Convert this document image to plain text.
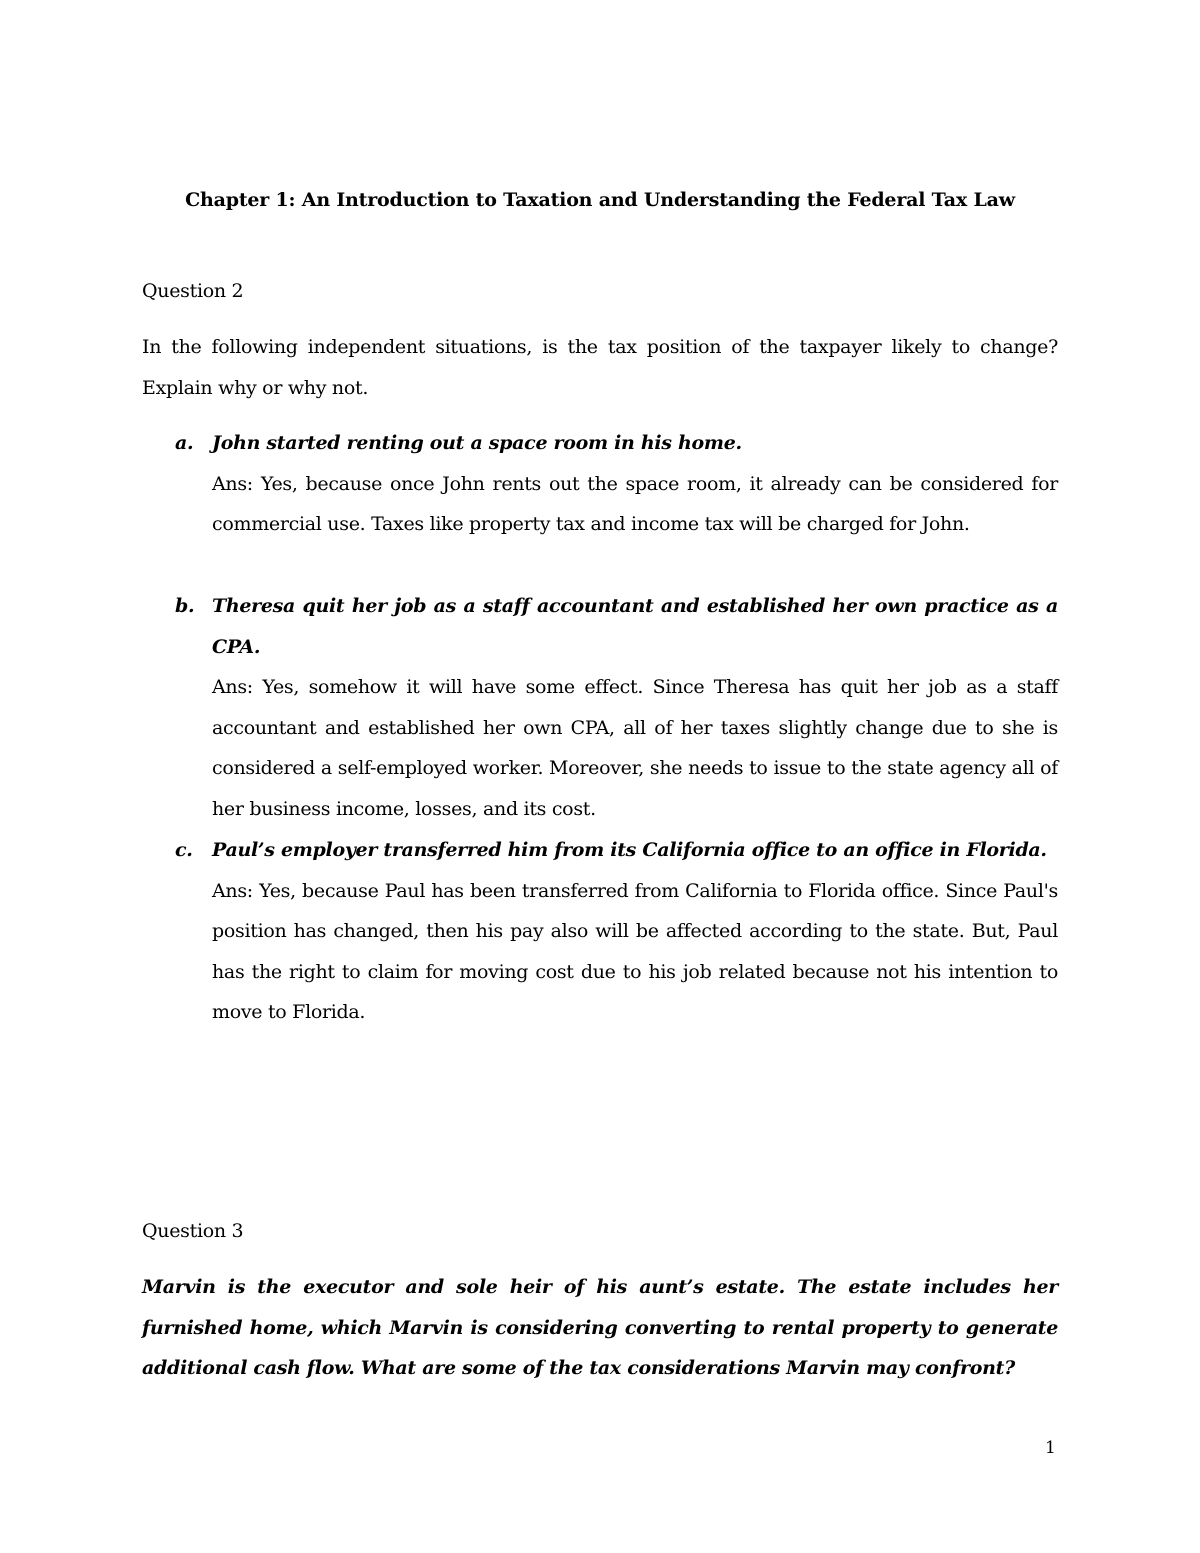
Chapter 1: An Introduction to Taxation and Understanding the Federal Tax Law
Question 2
In the following independent situations, is the tax position of the taxpayer likely to change? Explain why or why not.
a. John started renting out a space room in his home.
Ans: Yes, because once John rents out the space room, it already can be considered for commercial use. Taxes like property tax and income tax will be charged for John.
b. Theresa quit her job as a staff accountant and established her own practice as a CPA.
Ans: Yes, somehow it will have some effect. Since Theresa has quit her job as a staff accountant and established her own CPA, all of her taxes slightly change due to she is considered a self-employed worker. Moreover, she needs to issue to the state agency all of her business income, losses, and its cost.
c. Paul’s employer transferred him from its California office to an office in Florida.
Ans: Yes, because Paul has been transferred from California to Florida office. Since Paul's position has changed, then his pay also will be affected according to the state. But, Paul has the right to claim for moving cost due to his job related because not his intention to move to Florida.
Question 3
Marvin is the executor and sole heir of his aunt’s estate. The estate includes her furnished home, which Marvin is considering converting to rental property to generate additional cash flow. What are some of the tax considerations Marvin may confront?
1
